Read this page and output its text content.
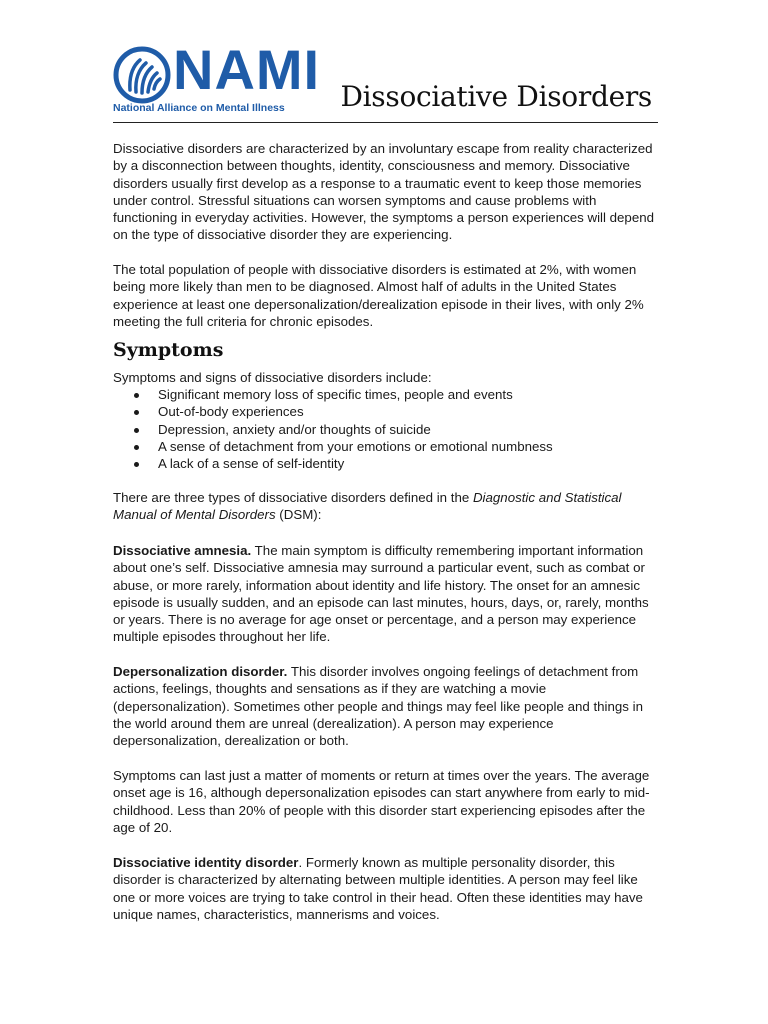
NAMI
National Alliance on Mental Illness Dissociative Disorders

Dissociative disorders are characterized by an involuntary escape from reality characterized by a disconnection between thoughts, identity, consciousness and memory. Dissociative disorders usually first develop as a response to a traumatic event to keep those memories under control. Stressful situations can worsen symptoms and cause problems with functioning in everyday activities. However, the symptoms a person experiences will depend on the type of dissociative disorder they are experiencing.

The total population of people with dissociative disorders is estimated at 2%, with women being more likely than men to be diagnosed. Almost half of adults in the United States experience at least one depersonalization/derealization episode in their lives, with only 2% meeting the full criteria for chronic episodes.

Symptoms

Symptoms and signs of dissociative disorders include:

Significant memory loss of specific times, people and events
Out-of-body experiences
Depression, anxiety and/or thoughts of suicide
A sense of detachment from your emotions or emotional numbness
A lack of a sense of self-identity

There are three types of dissociative disorders defined in the Diagnostic and Statistical Manual of Mental Disorders (DSM):

Dissociative amnesia. The main symptom is difficulty remembering important information about one’s self. Dissociative amnesia may surround a particular event, such as combat or abuse, or more rarely, information about identity and life history. The onset for an amnesic episode is usually sudden, and an episode can last minutes, hours, days, or, rarely, months or years. There is no average for age onset or percentage, and a person may experience multiple episodes throughout her life.

Depersonalization disorder. This disorder involves ongoing feelings of detachment from actions, feelings, thoughts and sensations as if they are watching a movie (depersonalization). Sometimes other people and things may feel like people and things in the world around them are unreal (derealization). A person may experience depersonalization, derealization or both.

Symptoms can last just a matter of moments or return at times over the years. The average onset age is 16, although depersonalization episodes can start anywhere from early to mid-childhood. Less than 20% of people with this disorder start experiencing episodes after the age of 20.

Dissociative identity disorder. Formerly known as multiple personality disorder, this disorder is characterized by alternating between multiple identities. A person may feel like one or more voices are trying to take control in their head. Often these identities may have unique names, characteristics, mannerisms and voices.
